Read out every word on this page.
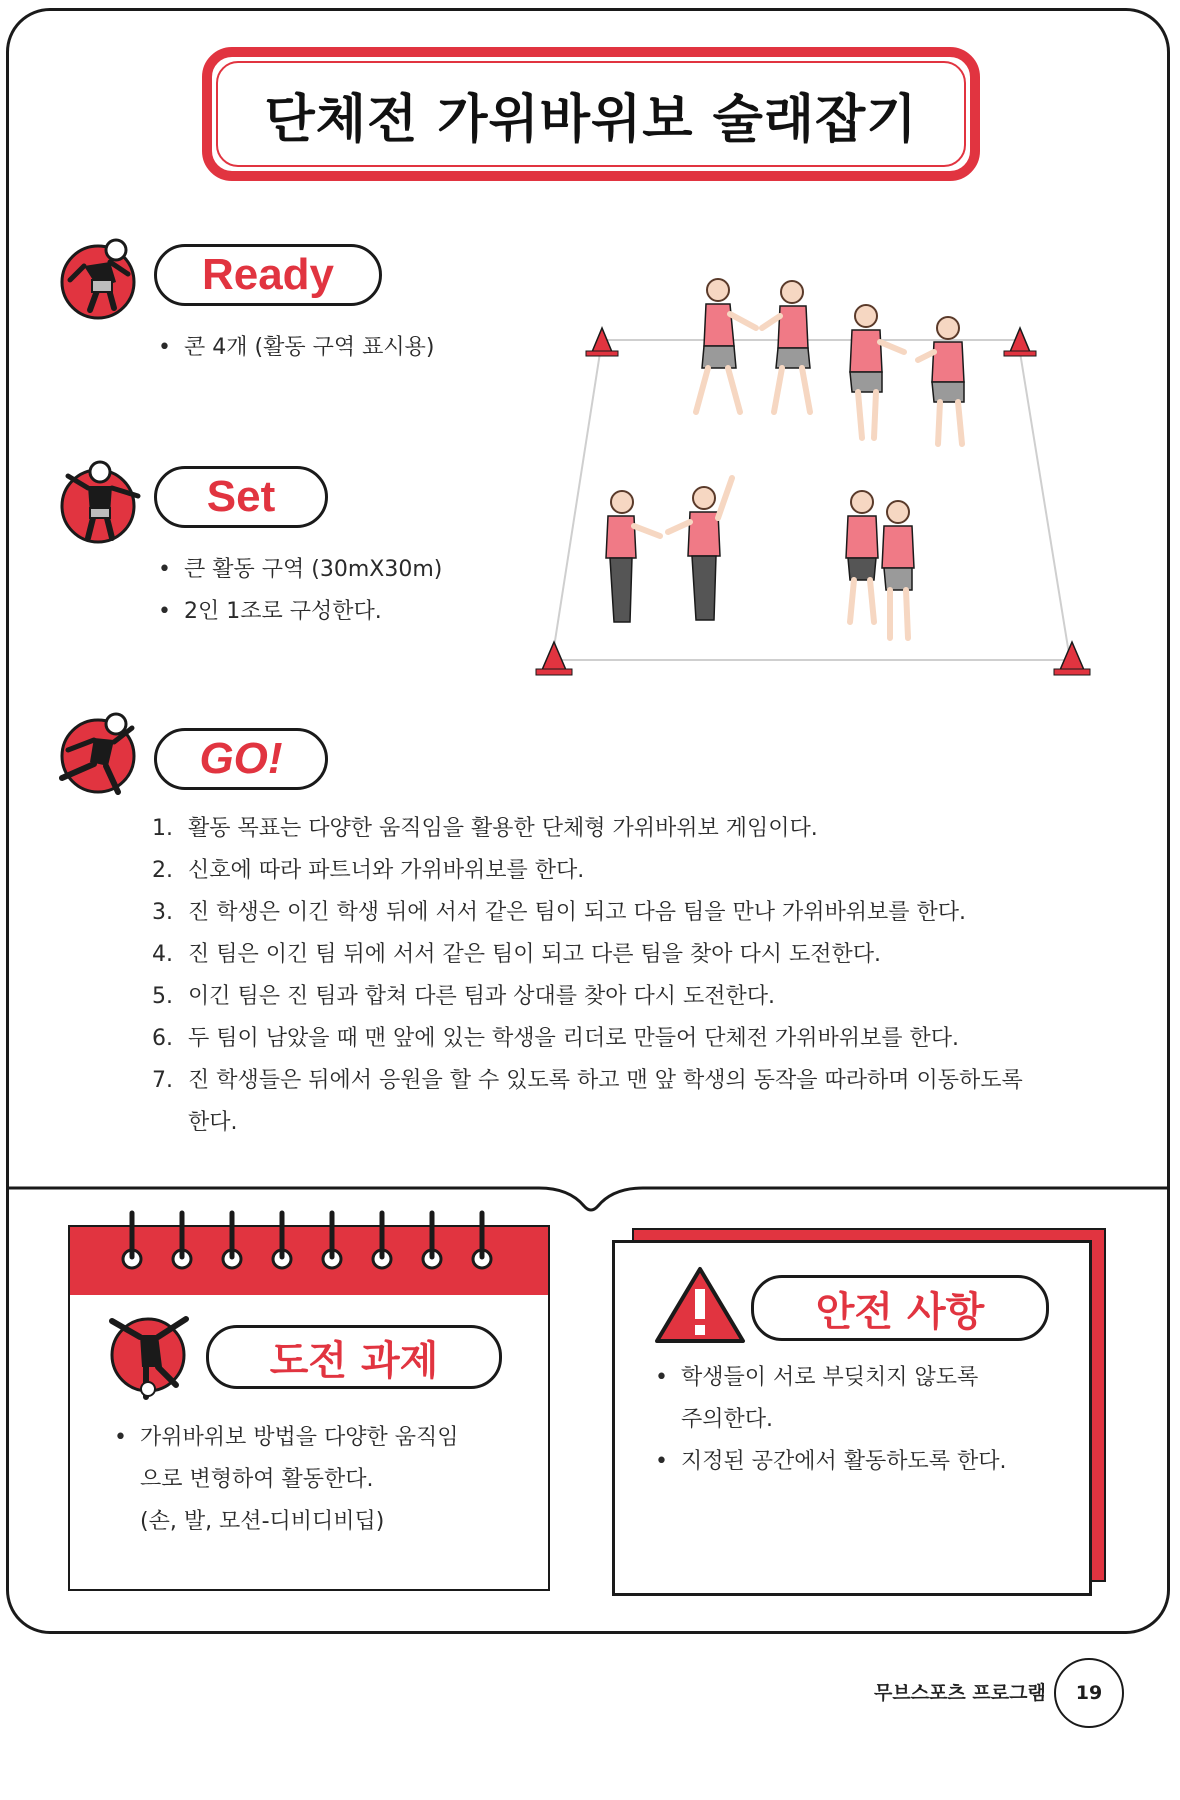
단체전 가위바위보 술래잡기
Ready
• 콘 4개 (활동 구역 표시용)
Set
• 큰 활동 구역 (30mX30m)
• 2인 1조로 구성한다.
GO!
1. 활동 목표는 다양한 움직임을 활용한 단체형 가위바위보 게임이다.
2. 신호에 따라 파트너와 가위바위보를 한다.
3. 진 학생은 이긴 학생 뒤에 서서 같은 팀이 되고 다음 팀을 만나 가위바위보를 한다.
4. 진 팀은 이긴 팀 뒤에 서서 같은 팀이 되고 다른 팀을 찾아 다시 도전한다.
5. 이긴 팀은 진 팀과 합쳐 다른 팀과 상대를 찾아 다시 도전한다.
6. 두 팀이 남았을 때 맨 앞에 있는 학생을 리더로 만들어 단체전 가위바위보를 한다.
7. 진 학생들은 뒤에서 응원을 할 수 있도록 하고 맨 앞 학생의 동작을 따라하며 이동하도록
한다.
도전 과제
• 가위바위보 방법을 다양한 움직임
으로 변형하여 활동한다.
(손, 발, 모션-디비디비딥)
안전 사항
• 학생들이 서로 부딪치지 않도록
주의한다.
• 지정된 공간에서 활동하도록 한다.
무브스포츠 프로그램	19
